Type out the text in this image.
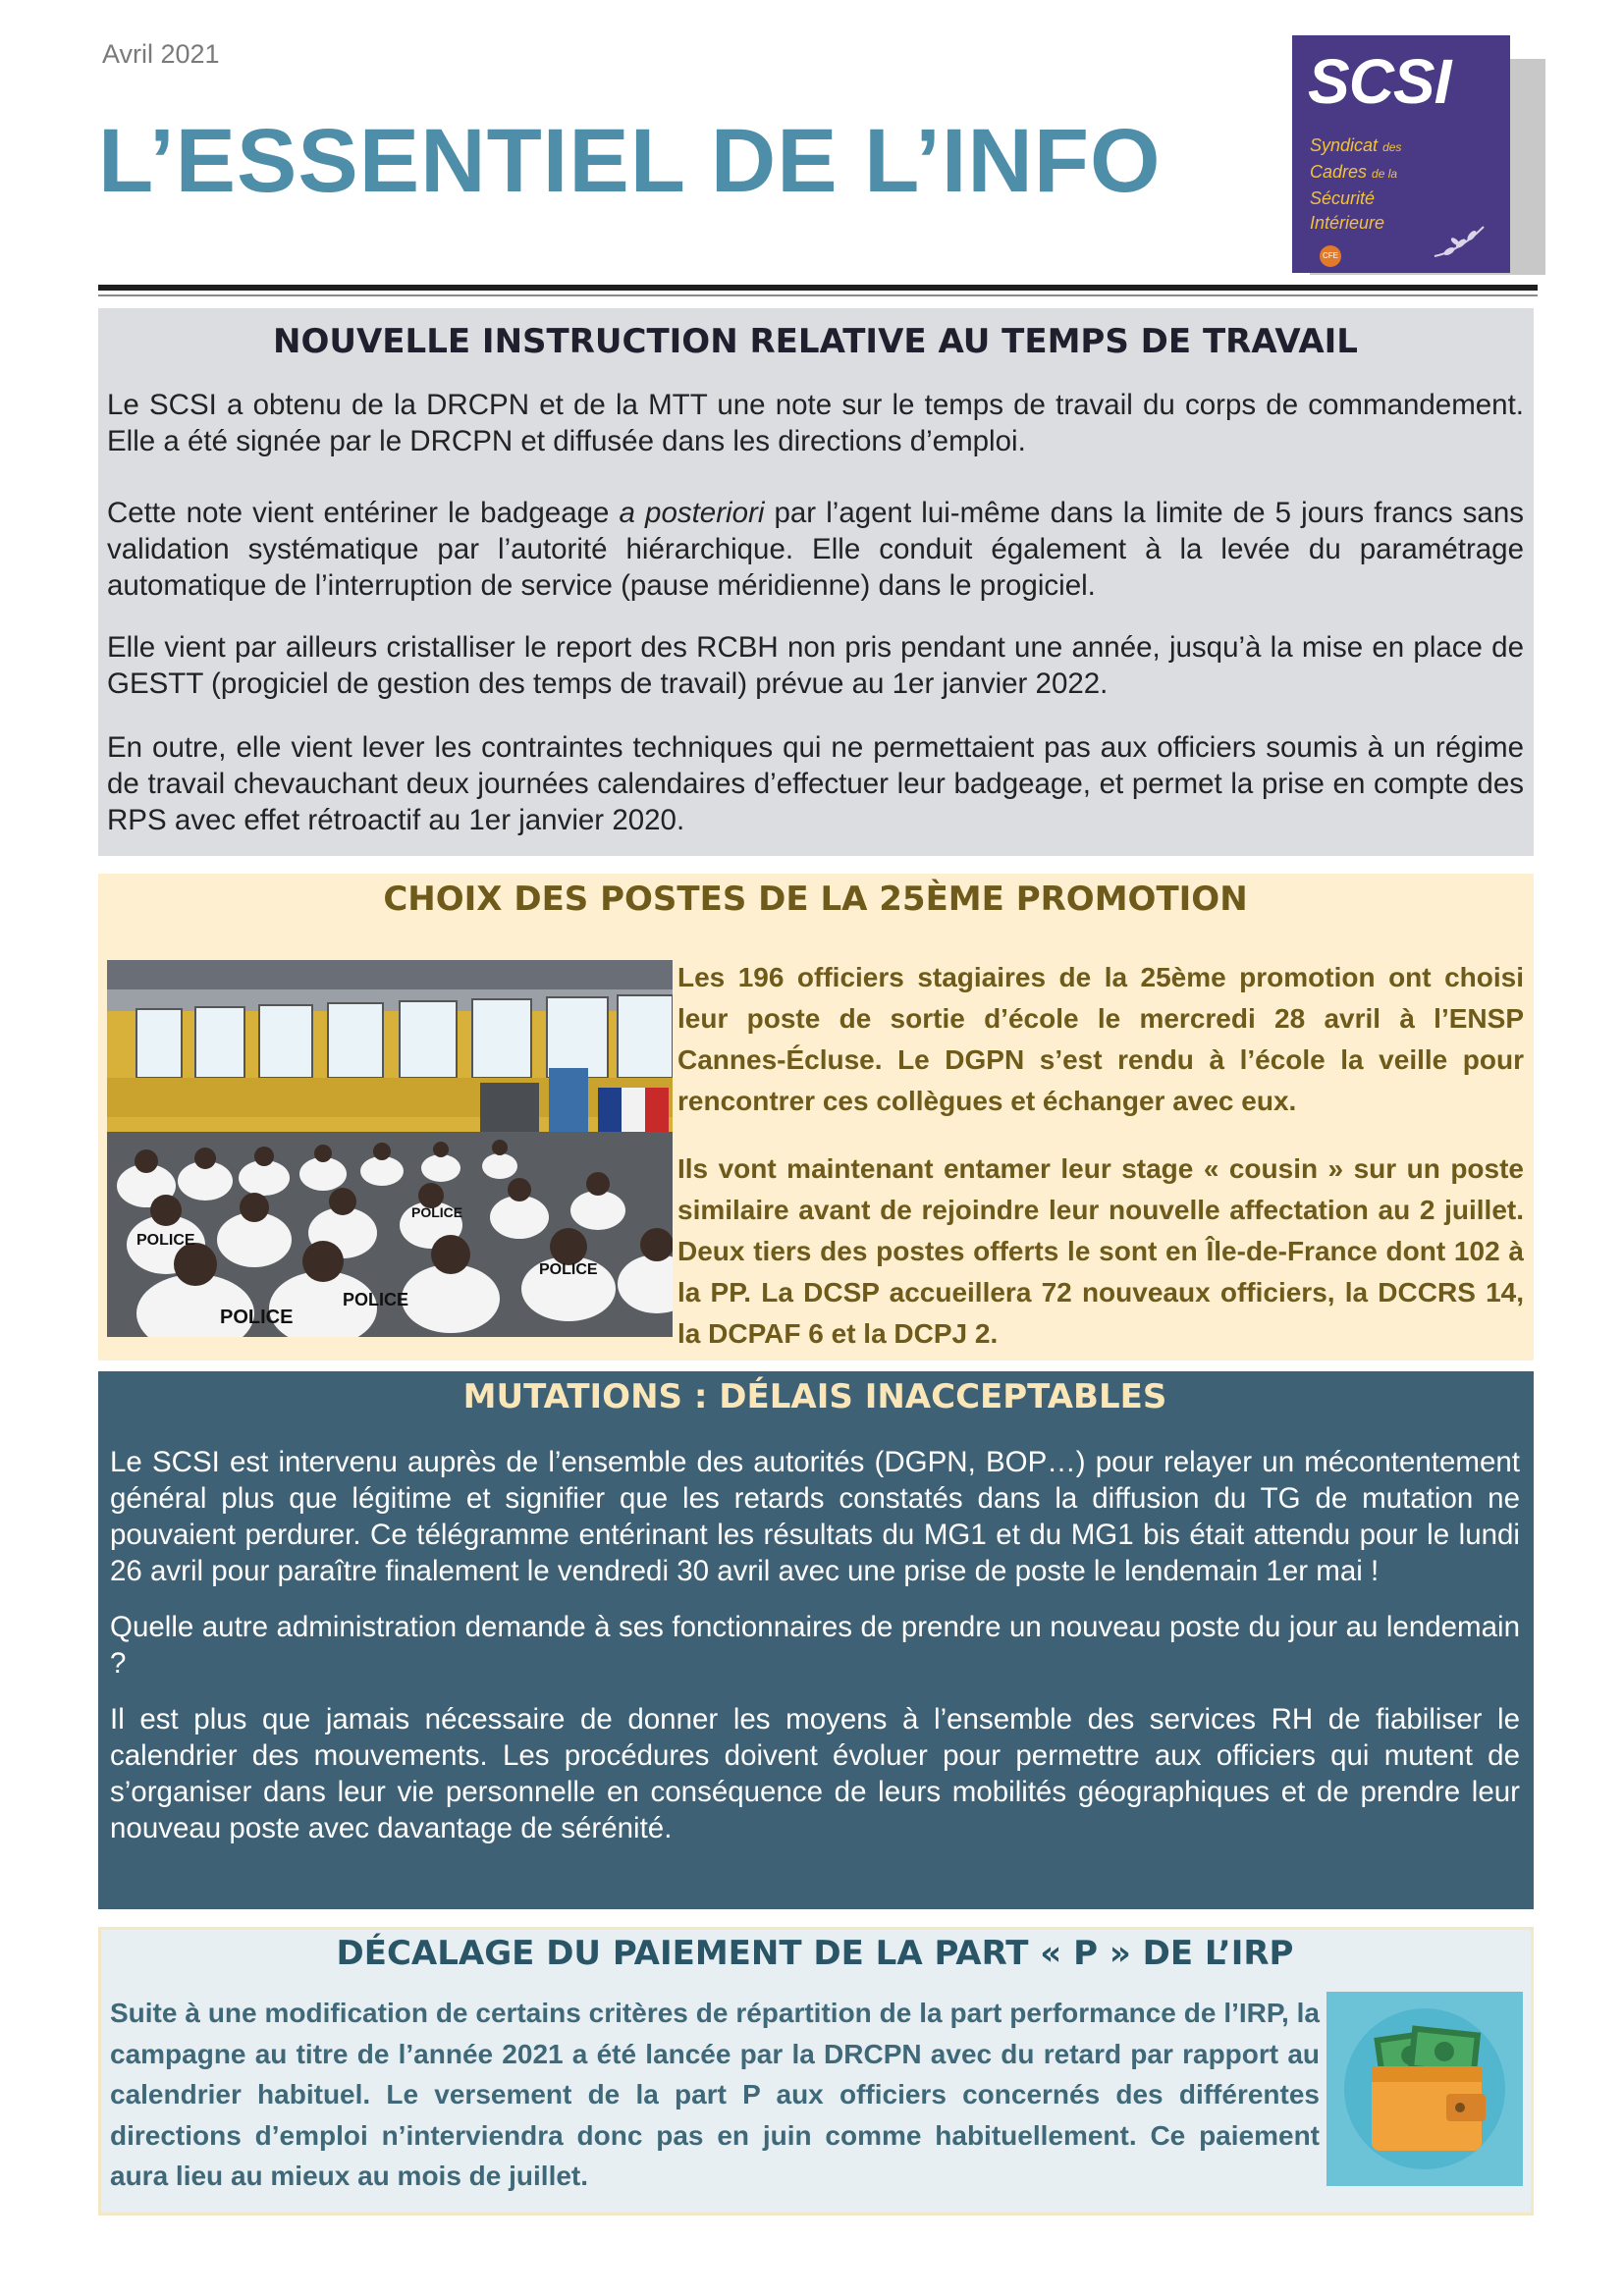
Avril 2021
L’ESSENTIEL DE L’INFO
SCSI
Syndicat des
Cadres de la
Sécurité
Intérieure
CFE
NOUVELLE INSTRUCTION RELATIVE AU TEMPS DE TRAVAIL

Le SCSI a obtenu de la DRCPN et de la MTT une note sur le temps de travail du corps de commandement. Elle a été signée par le DRCPN et diffusée dans les directions d’emploi.

Cette note vient entériner le badgeage a posteriori par l’agent lui-même dans la limite de 5 jours francs sans validation systématique par l’autorité hiérarchique. Elle conduit également à la levée du paramétrage automatique de l’interruption de service (pause méridienne) dans le progiciel.

Elle vient par ailleurs cristalliser le report des RCBH non pris pendant une année, jusqu’à la mise en place de GESTT (progiciel de gestion des temps de travail) prévue au 1er janvier 2022.

En outre, elle vient lever les contraintes techniques qui ne permettaient pas aux officiers soumis à un régime de travail chevauchant deux journées calendaires d’effectuer leur badgeage, et permet la prise en compte des RPS avec effet rétroactif au 1er janvier 2020.

CHOIX DES POSTES DE LA 25ÈME PROMOTION
POLICE
POLICE
POLICE
POLICE
POLICE

Les 196 officiers stagiaires de la 25ème promotion ont choisi leur poste de sortie d’école le mercredi 28 avril à l’ENSP Cannes-Écluse. Le DGPN s’est rendu à l’école la veille pour rencontrer ces collègues et échanger avec eux.

Ils vont maintenant entamer leur stage « cousin » sur un poste similaire avant de rejoindre leur nouvelle affectation au 2 juillet. Deux tiers des postes offerts le sont en Île-de-France dont 102 à la PP. La DCSP accueillera 72 nouveaux officiers, la DCCRS 14, la DCPAF 6 et la DCPJ 2.

MUTATIONS : DÉLAIS INACCEPTABLES

Le SCSI est intervenu auprès de l’ensemble des autorités (DGPN, BOP…) pour relayer un mécontentement général plus que légitime et signifier que les retards constatés dans la diffusion du TG de mutation ne pouvaient perdurer. Ce télégramme entérinant les résultats du MG1 et du MG1 bis était attendu pour le lundi 26 avril pour paraître finalement le vendredi 30 avril avec une prise de poste le lendemain 1er mai !

Quelle autre administration demande à ses fonctionnaires de prendre un nouveau poste du jour au lendemain ?

Il est plus que jamais nécessaire de donner les moyens à l’ensemble des services RH de fiabiliser le calendrier des mouvements. Les procédures doivent évoluer pour permettre aux officiers qui mutent de s’organiser dans leur vie personnelle en conséquence de leurs mobilités géographiques et de prendre leur nouveau poste avec davantage de sérénité.

DÉCALAGE DU PAIEMENT DE LA PART « P » DE L’IRP

Suite à une modification de certains critères de répartition de la part performance de l’IRP, la campagne au titre de l’année 2021 a été lancée par la DRCPN avec du retard par rapport au calendrier habituel. Le versement de la part P aux officiers concernés des différentes directions d’emploi n’interviendra donc pas en juin comme habituellement. Ce paiement aura lieu au mieux au mois de juillet.
